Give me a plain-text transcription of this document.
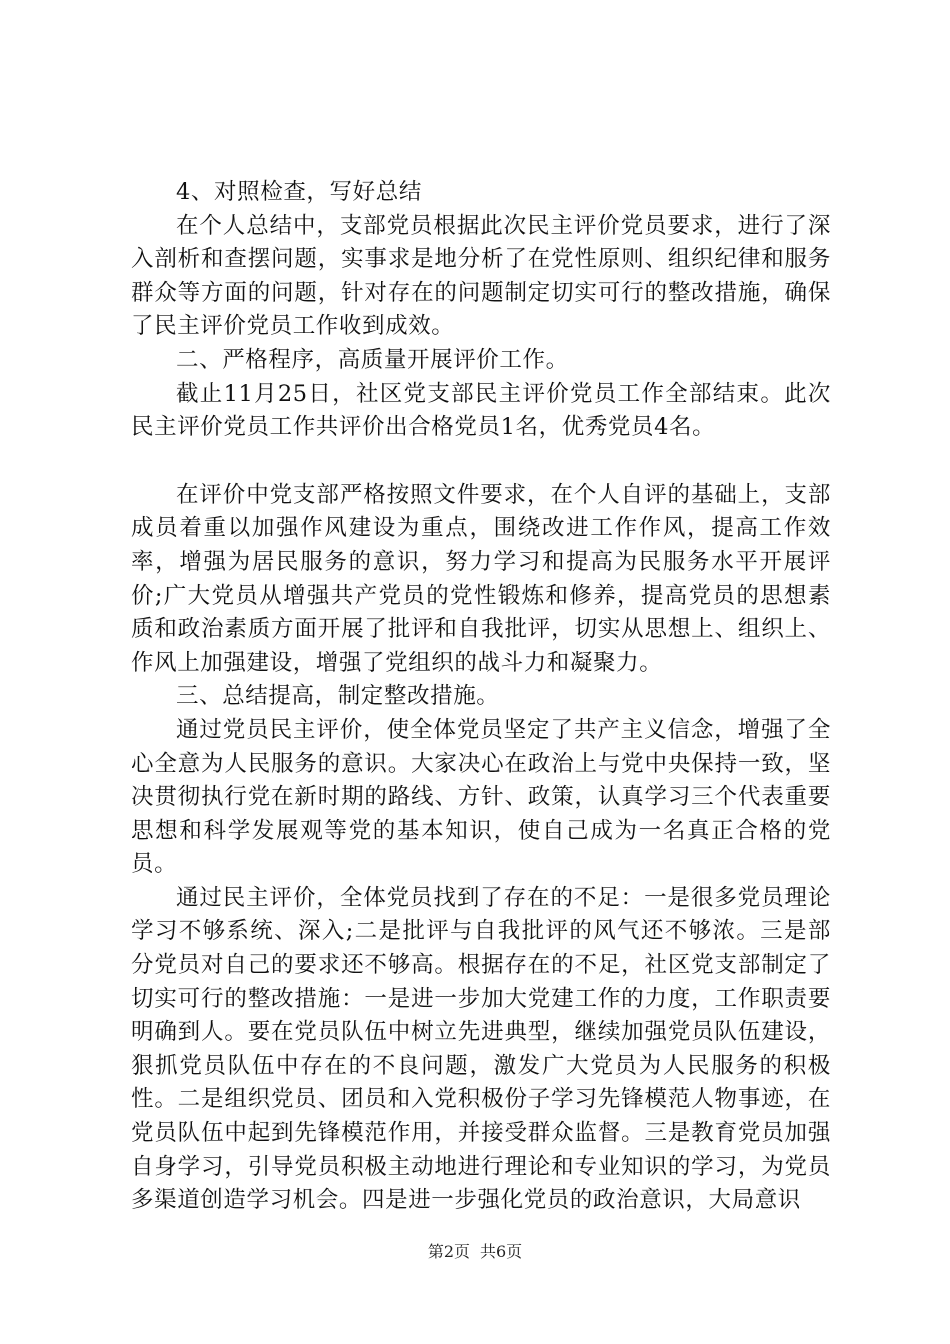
4、对照检查，写好总结

在个人总结中，支部党员根据此次民主评价党员要求，进行了深入剖析和查摆问题，实事求是地分析了在党性原则、组织纪律和服务群众等方面的问题，针对存在的问题制定切实可行的整改措施，确保了民主评价党员工作收到成效。

二、严格程序，高质量开展评价工作。

截止11月25日，社区党支部民主评价党员工作全部结束。此次民主评价党员工作共评价出合格党员1名，优秀党员4名。

在评价中党支部严格按照文件要求，在个人自评的基础上，支部成员着重以加强作风建设为重点，围绕改进工作作风，提高工作效率，增强为居民服务的意识，努力学习和提高为民服务水平开展评价;广大党员从增强共产党员的党性锻炼和修养，提高党员的思想素质和政治素质方面开展了批评和自我批评，切实从思想上、组织上、作风上加强建设，增强了党组织的战斗力和凝聚力。

三、总结提高，制定整改措施。

通过党员民主评价，使全体党员坚定了共产主义信念，增强了全心全意为人民服务的意识。大家决心在政治上与党中央保持一致，坚决贯彻执行党在新时期的路线、方针、政策，认真学习三个代表重要思想和科学发展观等党的基本知识，使自己成为一名真正合格的党员。

通过民主评价，全体党员找到了存在的不足：一是很多党员理论学习不够系统、深入;二是批评与自我批评的风气还不够浓。三是部分党员对自己的要求还不够高。根据存在的不足，社区党支部制定了切实可行的整改措施：一是进一步加大党建工作的力度，工作职责要明确到人。要在党员队伍中树立先进典型，继续加强党员队伍建设，狠抓党员队伍中存在的不良问题，激发广大党员为人民服务的积极性。二是组织党员、团员和入党积极份子学习先锋模范人物事迹，在党员队伍中起到先锋模范作用，并接受群众监督。三是教育党员加强自身学习，引导党员积极主动地进行理论和专业知识的学习，为党员多渠道创造学习机会。四是进一步强化党员的政治意识，大局意识

第2页 共6页
